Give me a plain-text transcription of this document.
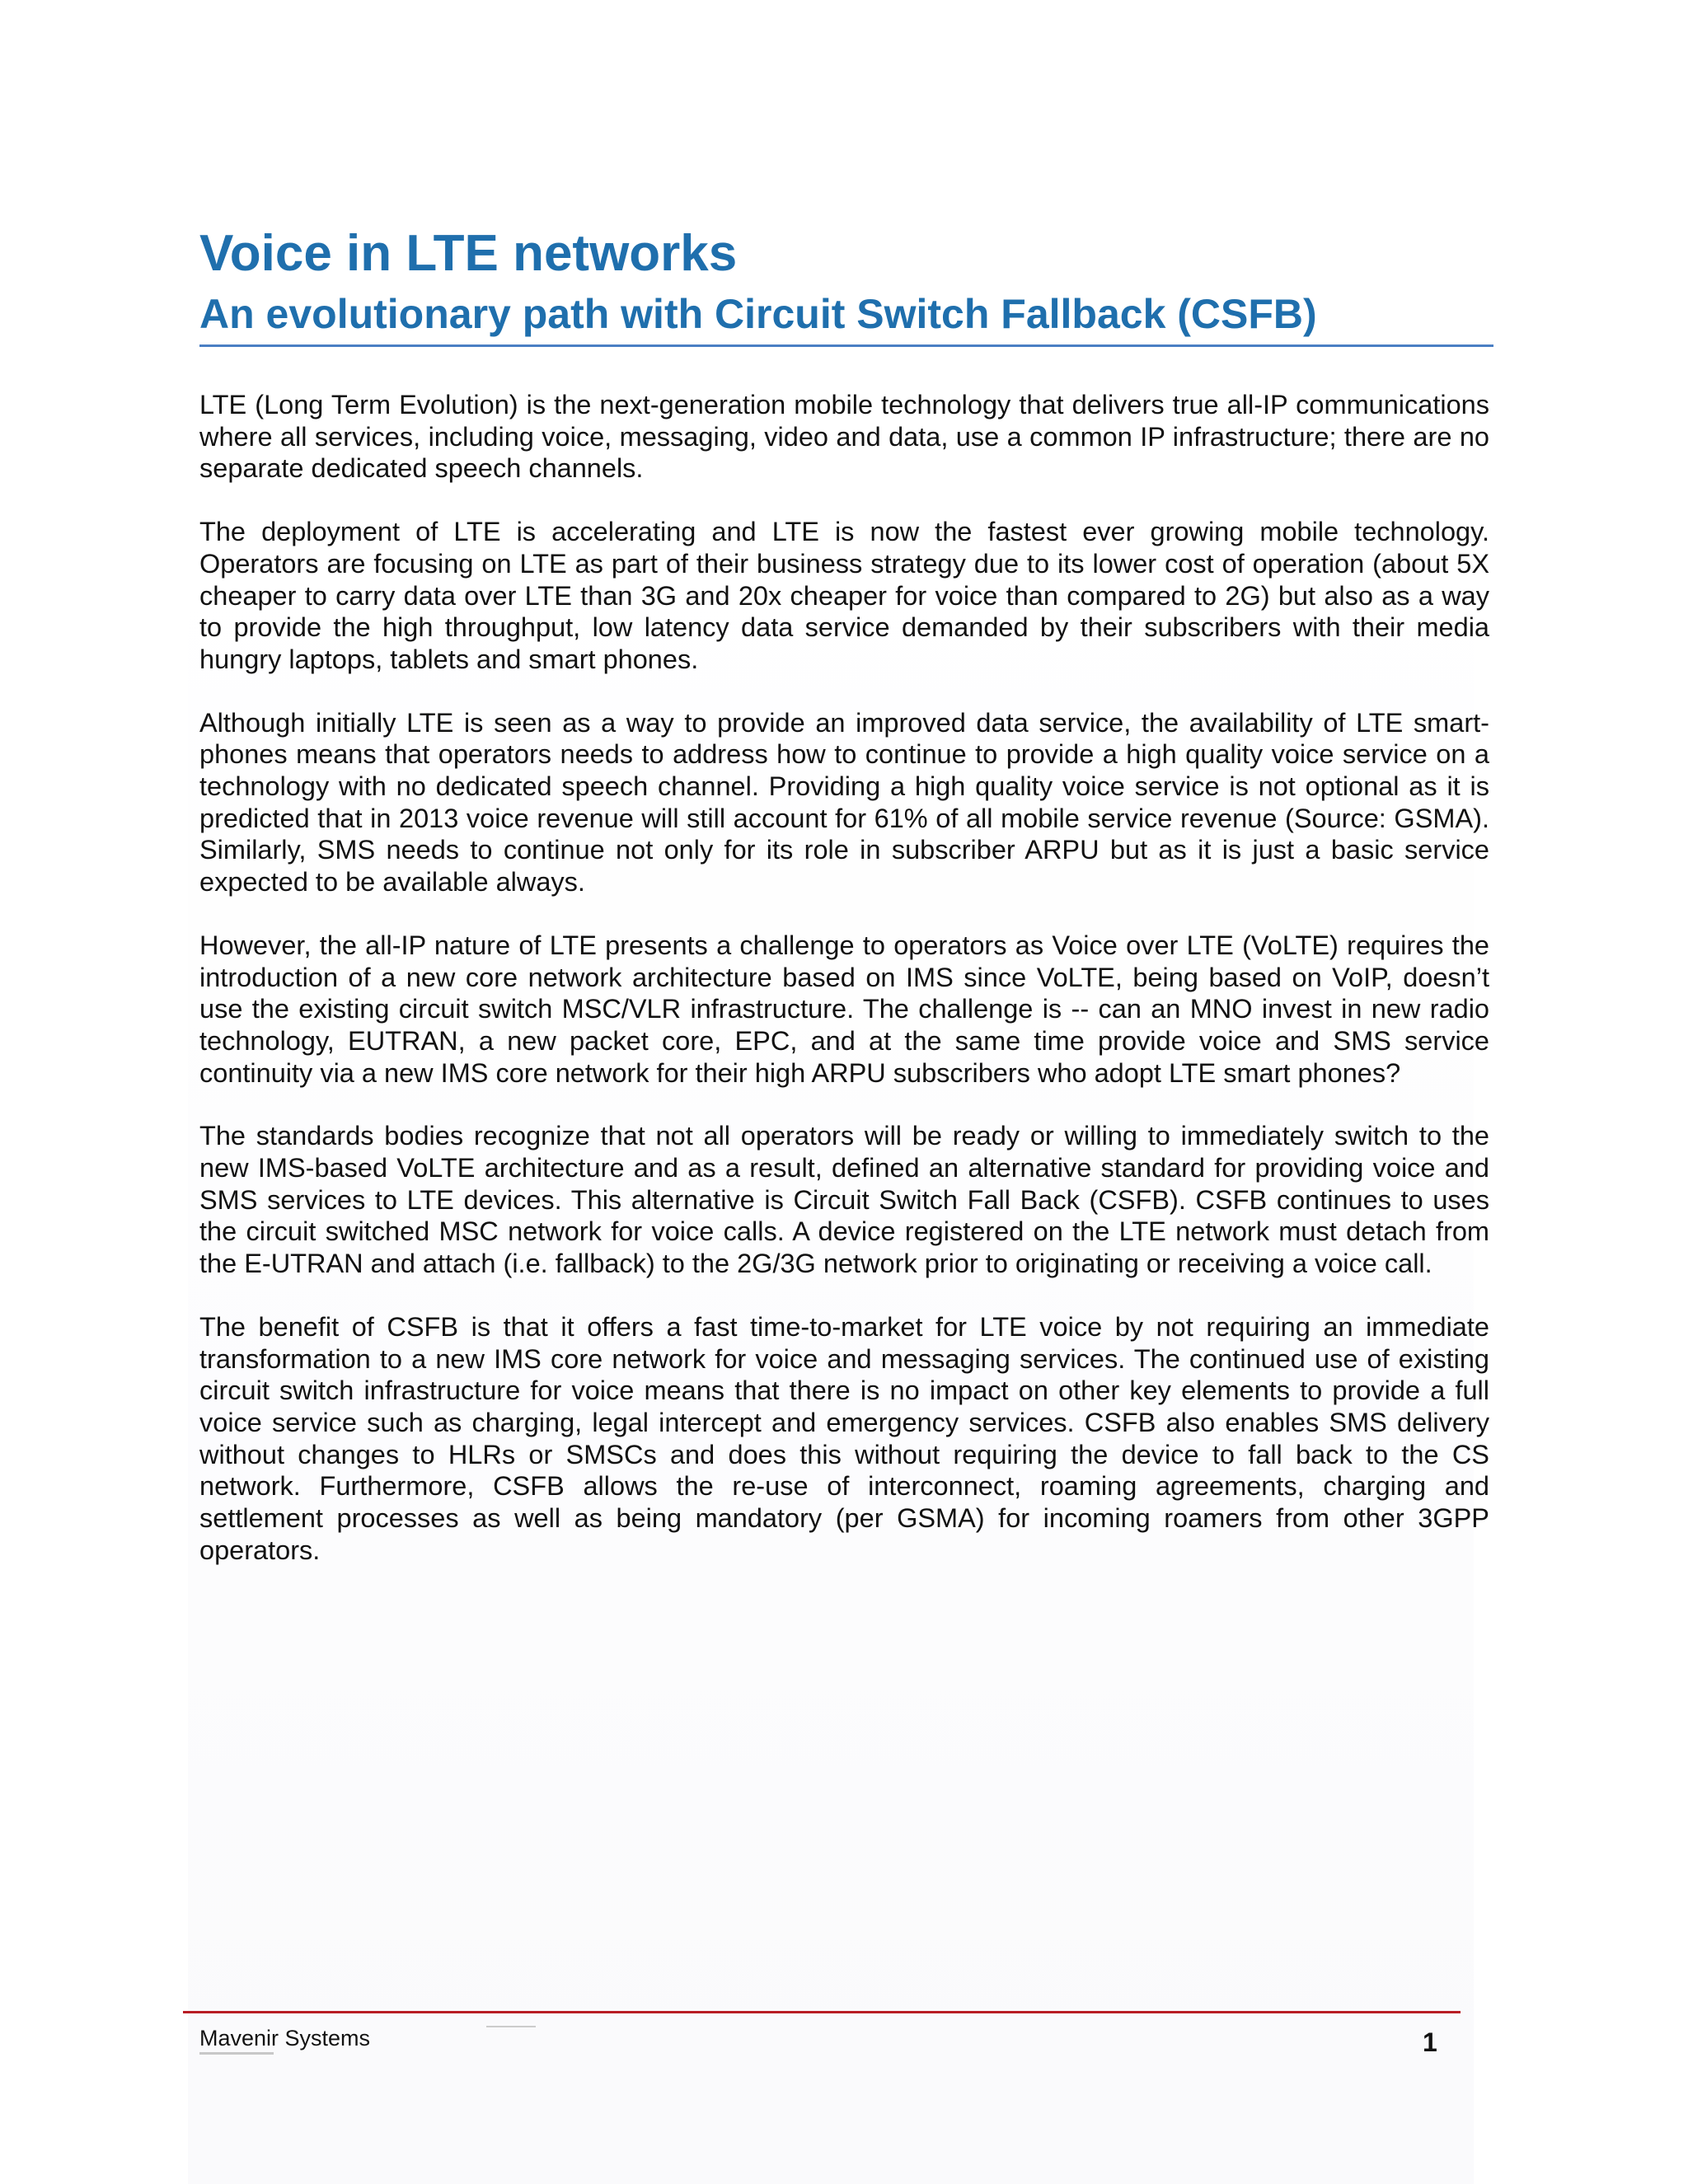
Voice in LTE networks
An evolutionary path with Circuit Switch Fallback (CSFB)

LTE (Long Term Evolution) is the next-generation mobile technology that delivers true all-IP communications where all services, including voice, messaging, video and data, use a common IP infrastructure; there are no separate dedicated speech channels.

The deployment of LTE is accelerating and LTE is now the fastest ever growing mobile technology. Operators are focusing on LTE as part of their business strategy due to its lower cost of operation (about 5X cheaper to carry data over LTE than 3G and 20x cheaper for voice than compared to 2G) but also as a way to provide the high throughput, low latency data service demanded by their subscribers with their media hungry laptops, tablets and smart phones.

Although initially LTE is seen as a way to provide an improved data service, the availability of LTE smart-phones means that operators needs to address how to continue to provide a high quality voice service on a technology with no dedicated speech channel. Providing a high quality voice service is not optional as it is predicted that in 2013 voice revenue will still account for 61% of all mobile service revenue (Source: GSMA). Similarly, SMS needs to continue not only for its role in subscriber ARPU but as it is just a basic service expected to be available always.

However, the all-IP nature of LTE presents a challenge to operators as Voice over LTE (VoLTE) requires the introduction of a new core network architecture based on IMS since VoLTE, being based on VoIP, doesn’t use the existing circuit switch MSC/VLR infrastructure. The challenge is -- can an MNO invest in new radio technology, EUTRAN, a new packet core, EPC, and at the same time provide voice and SMS service continuity via a new IMS core network for their high ARPU subscribers who adopt LTE smart phones?

The standards bodies recognize that not all operators will be ready or willing to immediately switch to the new IMS-based VoLTE architecture and as a result, defined an alternative standard for providing voice and SMS services to LTE devices. This alternative is Circuit Switch Fall Back (CSFB). CSFB continues to uses the circuit switched MSC network for voice calls. A device registered on the LTE network must detach from the E-UTRAN and attach (i.e. fallback) to the 2G/3G network prior to originating or receiving a voice call.

The benefit of CSFB is that it offers a fast time-to-market for LTE voice by not requiring an immediate transformation to a new IMS core network for voice and messaging services. The continued use of existing circuit switch infrastructure for voice means that there is no impact on other key elements to provide a full voice service such as charging, legal intercept and emergency services. CSFB also enables SMS delivery without changes to HLRs or SMSCs and does this without requiring the device to fall back to the CS network. Furthermore, CSFB allows the re-use of interconnect, roaming agreements, charging and settlement processes as well as being mandatory (per GSMA) for incoming roamers from other 3GPP operators.

Mavenir Systems	1
